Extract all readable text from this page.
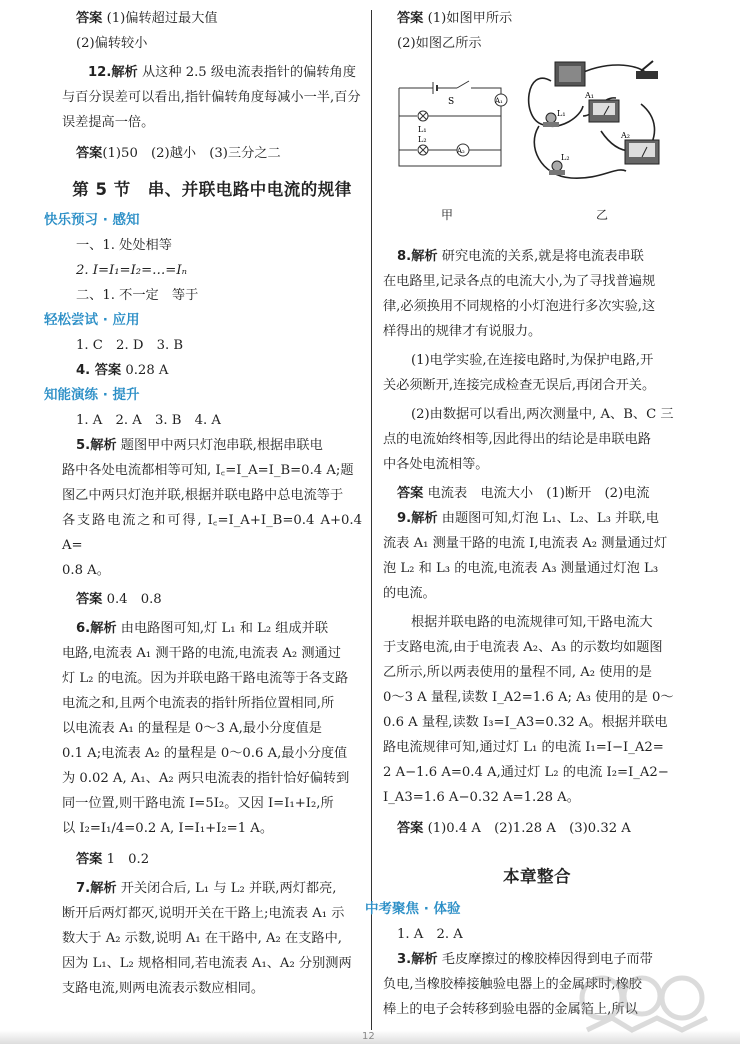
答案 (1)偏转超过最大值

(2)偏转较小

12.解析 从这种 2.5 级电流表指针的偏转角度
与百分误差可以看出,指针偏转角度每减小一半,百分
误差提高一倍。

答案(1)50　(2)越小　(3)三分之二

第 5 节　串、并联电路中电流的规律
快乐预习 · 感知

一、1. 处处相等

2. I=I₁=I₂=…=Iₙ

二、1. 不一定　等于

轻松尝试 · 应用

1. C　2. D　3. B

4. 答案 0.28 A

知能演练 · 提升

1. A　2. A　3. B　4. A

5.解析 题图甲中两只灯泡串联,根据串联电
路中各处电流都相等可知, I꜀=I_A=I_B=0.4 A;题
图乙中两只灯泡并联,根据并联电路中总电流等于
各支路电流之和可得, I꜀=I_A+I_B=0.4 A+0.4 A=
0.8 A。

答案 0.4　0.8

6.解析 由电路图可知,灯 L₁ 和 L₂ 组成并联
电路,电流表 A₁ 测干路的电流,电流表 A₂ 测通过
灯 L₂ 的电流。因为并联电路干路电流等于各支路
电流之和,且两个电流表的指针所指位置相同,所
以电流表 A₁ 的量程是 0～3 A,最小分度值是
0.1 A;电流表 A₂ 的量程是 0～0.6 A,最小分度值
为 0.02 A, A₁、A₂ 两只电流表的指针恰好偏转到
同一位置,则干路电流 I=5I₂。又因 I=I₁+I₂,所
以 I₂=I₁/4=0.2 A, I=I₁+I₂=1 A。

答案 1　0.2

7.解析 开关闭合后, L₁ 与 L₂ 并联,两灯都亮,
断开后两灯都灭,说明开关在干路上;电流表 A₁ 示
数大于 A₂ 示数,说明 A₁ 在干路中, A₂ 在支路中,
因为 L₁、L₂ 规格相同,若电流表 A₁、A₂ 分别测两
支路电流,则两电流表示数应相同。

答案 (1)如图甲所示

(2)如图乙所示

S	A₁
L₁
L₂
A₂
L₁
A₁
A₂
L₂
甲	乙

8.解析 研究电流的关系,就是将电流表串联
在电路里,记录各点的电流大小,为了寻找普遍规
律,必须换用不同规格的小灯泡进行多次实验,这
样得出的规律才有说服力。

(1)电学实验,在连接电路时,为保护电路,开
关必须断开,连接完成检查无误后,再闭合开关。

(2)由数据可以看出,两次测量中, A、B、C 三
点的电流始终相等,因此得出的结论是串联电路
中各处电流相等。

答案 电流表　电流大小　(1)断开　(2)电流

9.解析 由题图可知,灯泡 L₁、L₂、L₃ 并联,电
流表 A₁ 测量干路的电流 I,电流表 A₂ 测量通过灯
泡 L₂ 和 L₃ 的电流,电流表 A₃ 测量通过灯泡 L₃
的电流。

根据并联电路的电流规律可知,干路电流大
于支路电流,由于电流表 A₂、A₃ 的示数均如题图
乙所示,所以两表使用的量程不同, A₂ 使用的是
0～3 A 量程,读数 I_A2=1.6 A; A₃ 使用的是 0～
0.6 A 量程,读数 I₃=I_A3=0.32 A。根据并联电
路电流规律可知,通过灯 L₁ 的电流 I₁=I−I_A2=
2 A−1.6 A=0.4 A,通过灯 L₂ 的电流 I₂=I_A2−
I_A3=1.6 A−0.32 A=1.28 A。

答案 (1)0.4 A　(2)1.28 A　(3)0.32 A

本章整合
中考聚焦 · 体验

1. A　2. A

3.解析 毛皮摩擦过的橡胶棒因得到电子而带
负电,当橡胶棒接触验电器上的金属球时,橡胶
棒上的电子会转移到验电器的金属箔上,所以

12
